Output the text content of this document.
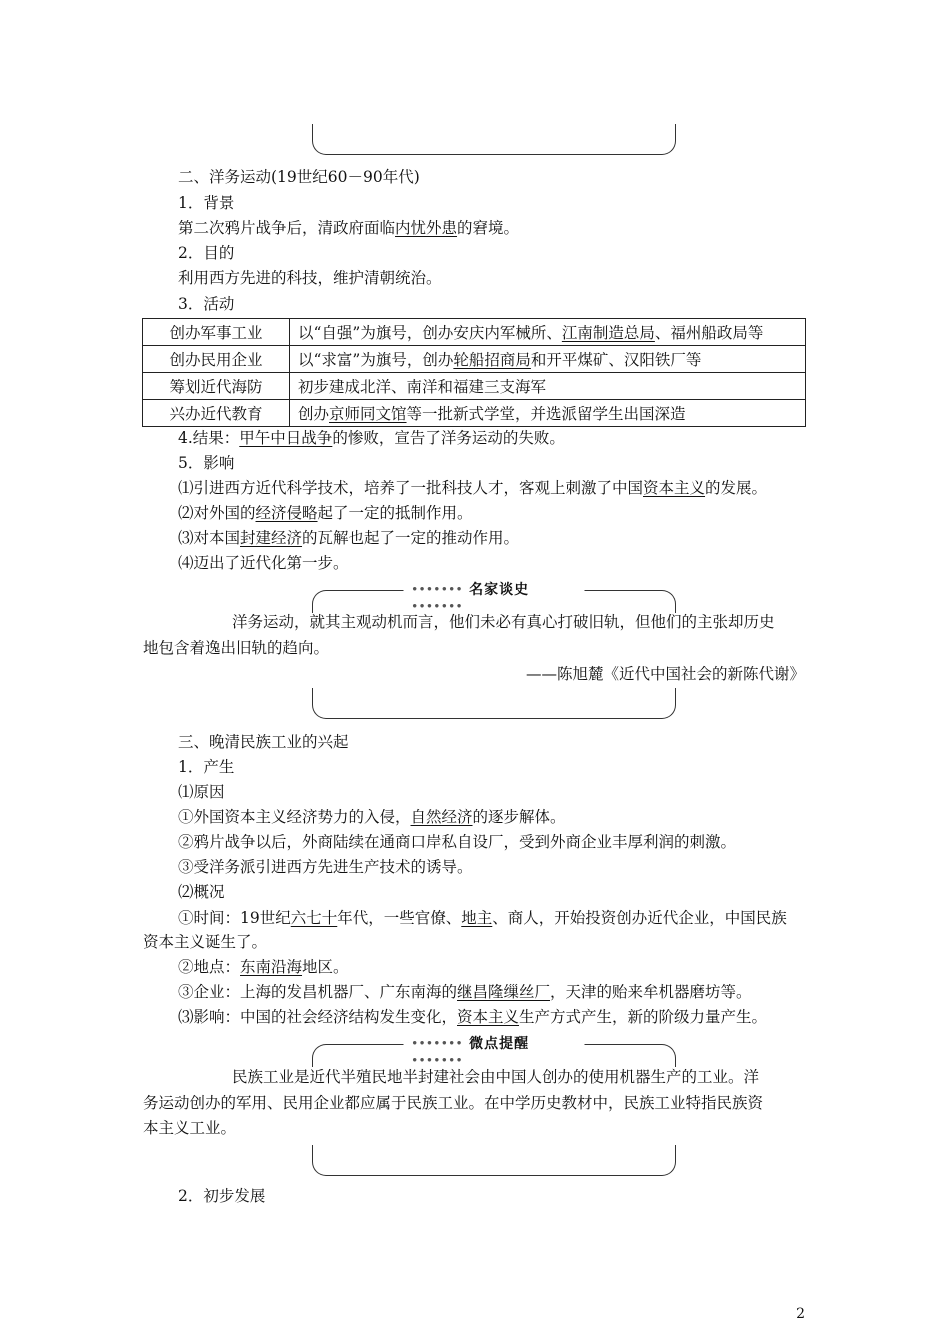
二、洋务运动(19世纪60－90年代)
1．背景
第二次鸦片战争后，清政府面临内忧外患的窘境。
2．目的
利用西方先进的科技，维护清朝统治。
3．活动
创办军事工业	以“自强”为旗号，创办安庆内军械所、江南制造总局、福州船政局等
创办民用企业	以“求富”为旗号，创办轮船招商局和开平煤矿、汉阳铁厂等
筹划近代海防	初步建成北洋、南洋和福建三支海军
兴办近代教育	创办京师同文馆等一批新式学堂，并选派留学生出国深造
4.结果：甲午中日战争的惨败，宣告了洋务运动的失败。
5．影响
⑴引进西方近代科学技术，培养了一批科技人才，客观上刺激了中国资本主义的发展。
⑵对外国的经济侵略起了一定的抵制作用。
⑶对本国封建经济的瓦解也起了一定的推动作用。
⑷迈出了近代化第一步。
••••••• 名家谈史 •••••••
洋务运动，就其主观动机而言，他们未必有真心打破旧轨，但他们的主张却历史
地包含着逸出旧轨的趋向。
——陈旭麓《近代中国社会的新陈代谢》
三、晚清民族工业的兴起
1．产生
⑴原因
①外国资本主义经济势力的入侵，自然经济的逐步解体。
②鸦片战争以后，外商陆续在通商口岸私自设厂，受到外商企业丰厚利润的刺激。
③受洋务派引进西方先进生产技术的诱导。
⑵概况
①时间：19世纪六七十年代，一些官僚、地主、商人，开始投资创办近代企业，中国民族
资本主义诞生了。
②地点：东南沿海地区。
③企业：上海的发昌机器厂、广东南海的继昌隆缫丝厂，天津的贻来牟机器磨坊等。
⑶影响：中国的社会经济结构发生变化，资本主义生产方式产生，新的阶级力量产生。
••••••• 微点提醒 •••••••
民族工业是近代半殖民地半封建社会由中国人创办的使用机器生产的工业。洋
务运动创办的军用、民用企业都应属于民族工业。在中学历史教材中，民族工业特指民族资
本主义工业。
2．初步发展
2
